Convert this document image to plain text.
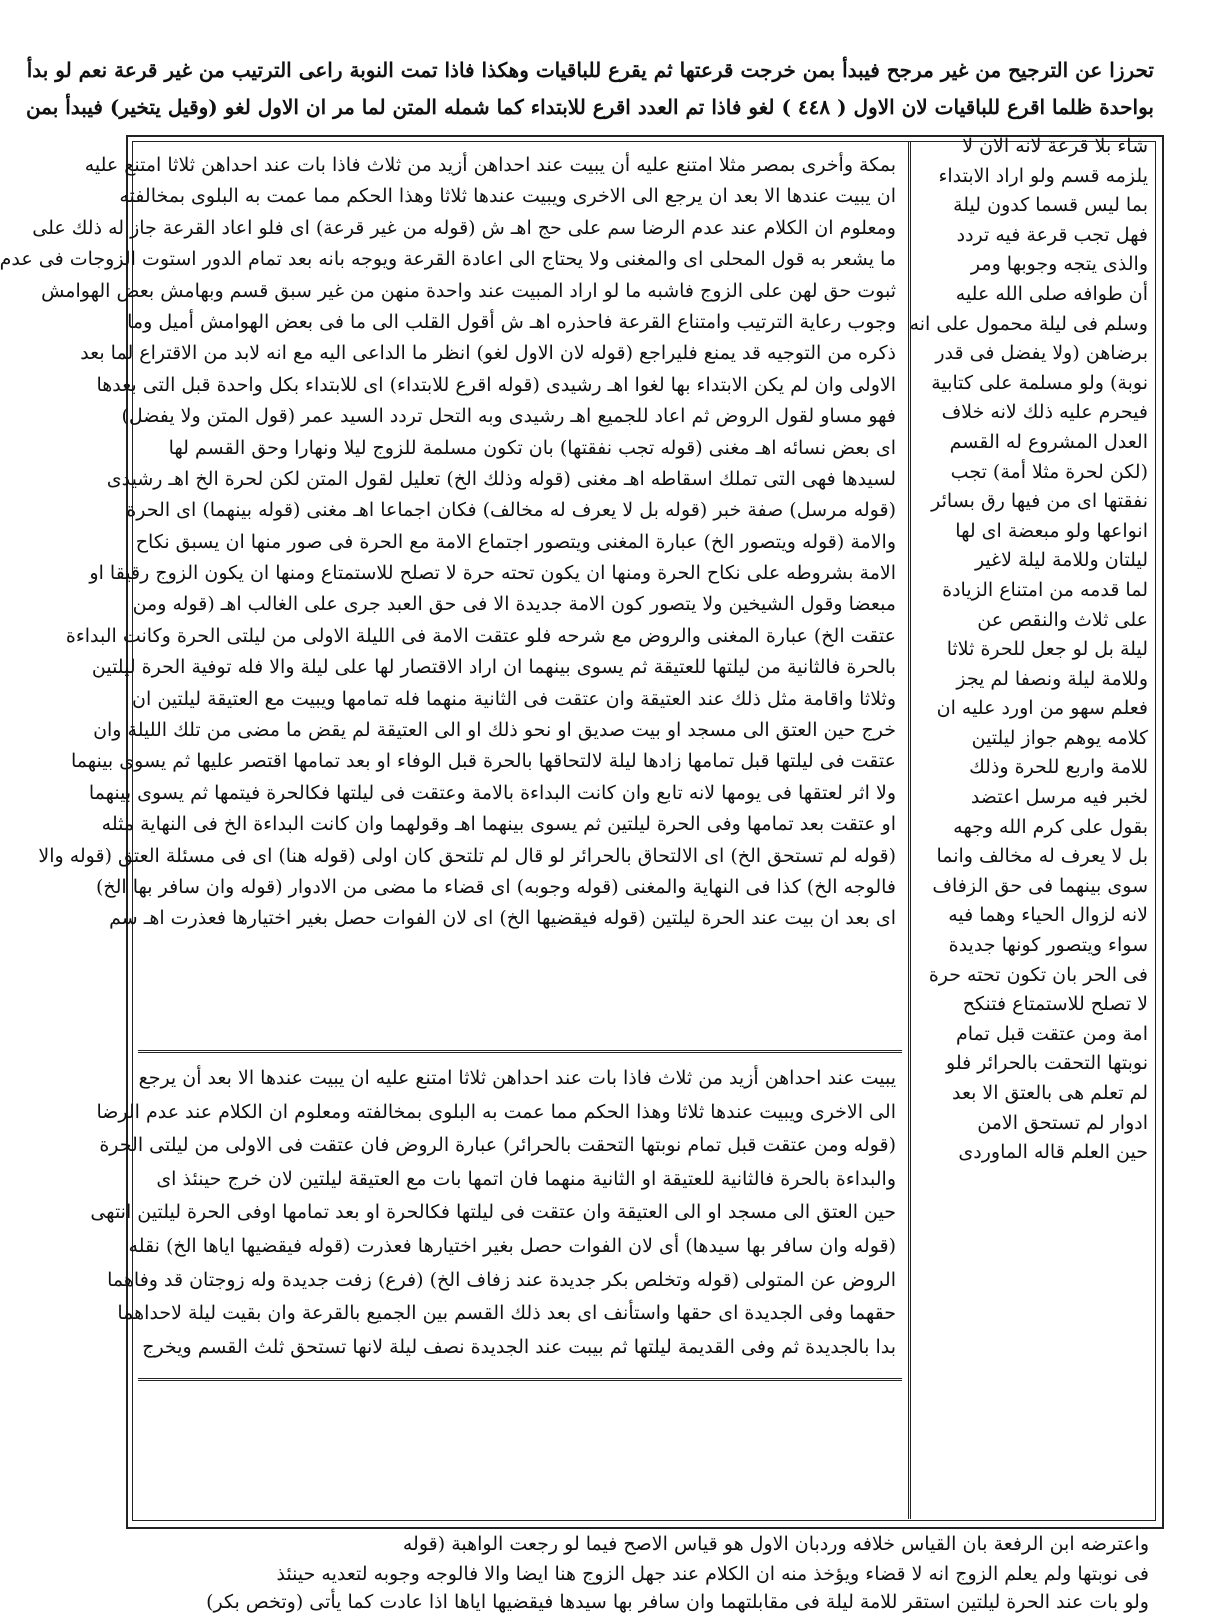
تحرزا عن الترجيح من غير مرجح فيبدأ بمن خرجت قرعتها ثم يقرع للباقيات وهكذا فاذا تمت النوبة راعى الترتيب من غير قرعة نعم لو بدأ
بواحدة ظلما اقرع للباقيات لان الاول ( ٤٤٨ ) لغو فاذا تم العدد اقرع للابتداء كما شمله المتن لما مر ان الاول لغو (وقيل يتخير) فيبدأ بمن
شاء بلا قرعة لانه الان لا
يلزمه قسم ولو اراد الابتداء
بما ليس قسما كدون ليلة
فهل تجب قرعة فيه تردد
والذى يتجه وجوبها ومر
أن طوافه صلى الله عليه
وسلم فى ليلة محمول على انه
برضاهن (ولا يفضل فى قدر
نوبة) ولو مسلمة على كتابية
فيحرم عليه ذلك لانه خلاف
العدل المشروع له القسم
(لكن لحرة مثلا أمة) تجب
نفقتها اى من فيها رق بسائر
انواعها ولو مبعضة اى لها
ليلتان وللامة ليلة لاغير
لما قدمه من امتناع الزيادة
على ثلاث والنقص عن
ليلة بل لو جعل للحرة ثلاثا
وللامة ليلة ونصفا لم يجز
فعلم سهو من اورد عليه ان
كلامه يوهم جواز ليلتين
للامة واربع للحرة وذلك
لخبر فيه مرسل اعتضد
بقول على كرم الله وجهه
بل لا يعرف له مخالف وانما
سوى بينهما فى حق الزفاف
لانه لزوال الحياء وهما فيه
سواء ويتصور كونها جديدة
فى الحر بان تكون تحته حرة
لا تصلح للاستمتاع فتنكح
امة ومن عتقت قبل تمام
نوبتها التحقت بالحرائر فلو
لم تعلم هى بالعتق الا بعد
ادوار لم تستحق الامن
حين العلم قاله الماوردى
بمكة وأخرى بمصر مثلا امتنع عليه أن يبيت عند احداهن أزيد من ثلاث فاذا بات عند احداهن ثلاثا امتنع عليه
ان يبيت عندها الا بعد ان يرجع الى الاخرى ويبيت عندها ثلاثا وهذا الحكم مما عمت به البلوى بمخالفته
ومعلوم ان الكلام عند عدم الرضا سم على حج اهـ ش (قوله من غير قرعة) اى فلو اعاد القرعة جاز له ذلك على
ما يشعر به قول المحلى اى والمغنى ولا يحتاج الى اعادة القرعة ويوجه بانه بعد تمام الدور استوت الزوجات فى عدم
ثبوت حق لهن على الزوج فاشبه ما لو اراد المبيت عند واحدة منهن من غير سبق قسم وبهامش بعض الهوامش
وجوب رعاية الترتيب وامتناع القرعة فاحذره اهـ ش أقول القلب الى ما فى بعض الهوامش أميل وما
ذكره من التوجيه قد يمنع فليراجع (قوله لان الاول لغو) انظر ما الداعى اليه مع انه لابد من الاقتراع لما بعد
الاولى وان لم يكن الابتداء بها لغوا اهـ رشيدى (قوله اقرع للابتداء) اى للابتداء بكل واحدة قبل التى بعدها
فهو مساو لقول الروض ثم اعاد للجميع اهـ رشيدى وبه التحل تردد السيد عمر (قول المتن ولا يفضل)
اى بعض نسائه اهـ مغنى (قوله تجب نفقتها) بان تكون مسلمة للزوج ليلا ونهارا وحق القسم لها
لسيدها فهى التى تملك اسقاطه اهـ مغنى (قوله وذلك الخ) تعليل لقول المتن لكن لحرة الخ اهـ رشيدى
(قوله مرسل) صفة خبر (قوله بل لا يعرف له مخالف) فكان اجماعا اهـ مغنى (قوله بينهما) اى الحرة
والامة (قوله ويتصور الخ) عبارة المغنى ويتصور اجتماع الامة مع الحرة فى صور منها ان يسبق نكاح
الامة بشروطه على نكاح الحرة ومنها ان يكون تحته حرة لا تصلح للاستمتاع ومنها ان يكون الزوج رقيقا او
مبعضا وقول الشيخين ولا يتصور كون الامة جديدة الا فى حق العبد جرى على الغالب اهـ (قوله ومن
عتقت الخ) عبارة المغنى والروض مع شرحه فلو عتقت الامة فى الليلة الاولى من ليلتى الحرة وكانت البداءة
بالحرة فالثانية من ليلتها للعتيقة ثم يسوى بينهما ان اراد الاقتصار لها على ليلة والا فله توفية الحرة ليلتين
وثلاثا واقامة مثل ذلك عند العتيقة وان عتقت فى الثانية منهما فله تمامها ويبيت مع العتيقة ليلتين ان
خرج حين العتق الى مسجد او بيت صديق او نحو ذلك او الى العتيقة لم يقض ما مضى من تلك الليلة وان
عتقت فى ليلتها قبل تمامها زادها ليلة لالتحاقها بالحرة قبل الوفاء او بعد تمامها اقتصر عليها ثم يسوى بينهما
ولا اثر لعتقها فى يومها لانه تابع وان كانت البداءة بالامة وعتقت فى ليلتها فكالحرة فيتمها ثم يسوى بينهما
او عتقت بعد تمامها وفى الحرة ليلتين ثم يسوى بينهما اهـ وقولهما وان كانت البداءة الخ فى النهاية مثله
(قوله لم تستحق الخ) اى الالتحاق بالحرائر لو قال لم تلتحق كان اولى (قوله هنا) اى فى مسئلة العتق (قوله والا
فالوجه الخ) كذا فى النهاية والمغنى (قوله وجوبه) اى قضاء ما مضى من الادوار (قوله وان سافر بها الخ)
اى بعد ان بيت عند الحرة ليلتين (قوله فيقضيها الخ) اى لان الفوات حصل بغير اختيارها فعذرت اهـ سم
يبيت عند احداهن أزيد من ثلاث فاذا بات عند احداهن ثلاثا امتنع عليه ان يبيت عندها الا بعد أن يرجع
الى الاخرى ويبيت عندها ثلاثا وهذا الحكم مما عمت به البلوى بمخالفته ومعلوم ان الكلام عند عدم الرضا
(قوله ومن عتقت قبل تمام نوبتها التحقت بالحرائر) عبارة الروض فان عتقت فى الاولى من ليلتى الحرة
والبداءة بالحرة فالثانية للعتيقة او الثانية منهما فان اتمها بات مع العتيقة ليلتين لان خرج حينئذ اى
حين العتق الى مسجد او الى العتيقة وان عتقت فى ليلتها فكالحرة او بعد تمامها اوفى الحرة ليلتين انتهى
(قوله وان سافر بها سيدها) أى لان الفوات حصل بغير اختيارها فعذرت (قوله فيقضيها اياها الخ) نقله
الروض عن المتولى (قوله وتخلص بكر جديدة عند زفاف الخ) (فرع) زفت جديدة وله زوجتان قد وفاهما
حقهما وفى الجديدة اى حقها واستأنف اى بعد ذلك القسم بين الجميع بالقرعة وان بقيت ليلة لاحداهما
بدا بالجديدة ثم وفى القديمة ليلتها ثم بيبت عند الجديدة نصف ليلة لانها تستحق ثلث القسم ويخرج
واعترضه ابن الرفعة بان القياس خلافه وردبان الاول هو قياس الاصح فيما لو رجعت الواهبة (قوله
فى نوبتها ولم يعلم الزوج انه لا قضاء ويؤخذ منه ان الكلام عند جهل الزوج هنا ايضا والا فالوجه وجوبه لتعديه حينئذ
ولو بات عند الحرة ليلتين استقر للامة ليلة فى مقابلتهما وان سافر بها سيدها فيقضيها اياها اذا عادت كما يأتى (وتخص بكر)
